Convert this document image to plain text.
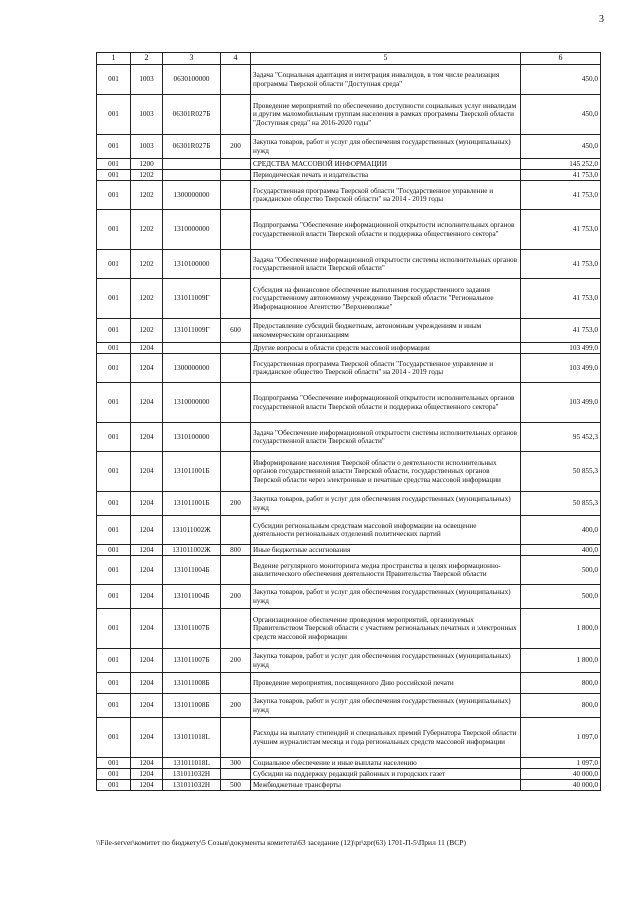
3
1	2	3	4	5	6
001	1003	0630100000		Задача "Социальная адаптация и интеграция инвалидов, в том числе реализация программы Тверской области "Доступная среда"	450,0
001	1003	06301R027Б		Проведение мероприятий по обеспечению доступности социальных услуг инвалидам и другим маломобильным группам населения в рамках программы Тверской области "Доступная среда" на 2016-2020 годы"	450,0
001	1003	06301R027Б	200	Закупка товаров, работ и услуг для обеспечения государственных (муниципальных) нужд	450,0
001	1200			СРЕДСТВА МАССОВОЙ ИНФОРМАЦИИ	145 252,0
001	1202			Периодическая печать и издательства	41 753,0
001	1202	1300000000		Государственная программа Тверской области "Государственное управление и гражданское общество Тверской области" на 2014 - 2019 годы	41 753,0
001	1202	1310000000		Подпрограмма "Обеспечение информационной открытости исполнительных органов государственной власти Тверской области и поддержка общественного сектора"	41 753,0
001	1202	1310100000		Задача "Обеспечение информационной открытости системы исполнительных органов государственной власти Тверской области"	41 753,0
001	1202	131011009Г		Субсидия на финансовое обеспечение выполнения государственного задания государственному автономному учреждению Тверской области "Региональное Информационное Агентство "Верхневолжье"	41 753,0
001	1202	131011009Г	600	Предоставление субсидий бюджетным, автономным учреждениям и иным некоммерческим организациям	41 753,0
001	1204			Другие вопросы в области средств массовой информации	103 499,0
001	1204	1300000000		Государственная программа Тверской области "Государственное управление и гражданское общество Тверской области" на 2014 - 2019 годы	103 499,0
001	1204	1310000000		Подпрограмма "Обеспечение информационной открытости исполнительных органов государственной власти Тверской области и поддержка общественного сектора"	103 499,0
001	1204	1310100000		Задача "Обеспечение информационной открытости системы исполнительных органов государственной власти Тверской области"	95 452,3
001	1204	131011001Б		Информирование населения Тверской области о деятельности исполнительных органов государственной власти Тверской области, государственных органов Тверской области через электронные и печатные средства массовой информации	50 855,3
001	1204	131011001Б	200	Закупка товаров, работ и услуг для обеспечения государственных (муниципальных) нужд	50 855,3
001	1204	131011002Ж		Субсидии региональным средствам массовой информации на освещение деятельности региональных отделений политических партий	400,0
001	1204	131011002Ж	800	Иные бюджетные ассигнования	400,0
001	1204	131011004Б		Ведение регулярного мониторинга медиа пространства в целях информационно-аналитического обеспечения деятельности Правительства Тверской области	500,0
001	1204	131011004Б	200	Закупка товаров, работ и услуг для обеспечения государственных (муниципальных) нужд	500,0
001	1204	131011007Б		Организационное обеспечение проведения мероприятий, организуемых Правительством Тверской области с участием региональных печатных и электронных средств массовой информации	1 800,0
001	1204	131011007Б	200	Закупка товаров, работ и услуг для обеспечения государственных (муниципальных) нужд	1 800,0
001	1204	131011008Б		Проведение мероприятия, посвященного Дню российской печати	800,0
001	1204	131011008Б	200	Закупка товаров, работ и услуг для обеспечения государственных (муниципальных) нужд	800,0
001	1204	131011018L		Расходы на выплату стипендий и специальных премий Губернатора Тверской области лучшим журналистам месяца и года региональных средств массовой информации	1 097,0
001	1204	131011018L	300	Социальное обеспечение и иные выплаты населению	1 097,0
001	1204	131011032Н		Субсидии на поддержку редакций районных и городских газет	40 000,0
001	1204	131011032Н	500	Межбюджетные трансферты	40 000,0
\\File-server\комитет по бюджету\5 Созыв\документы комитета\63 заседание (12)\pr\zpr(63) 1701-П-5\Прил 11 (ВСР)
